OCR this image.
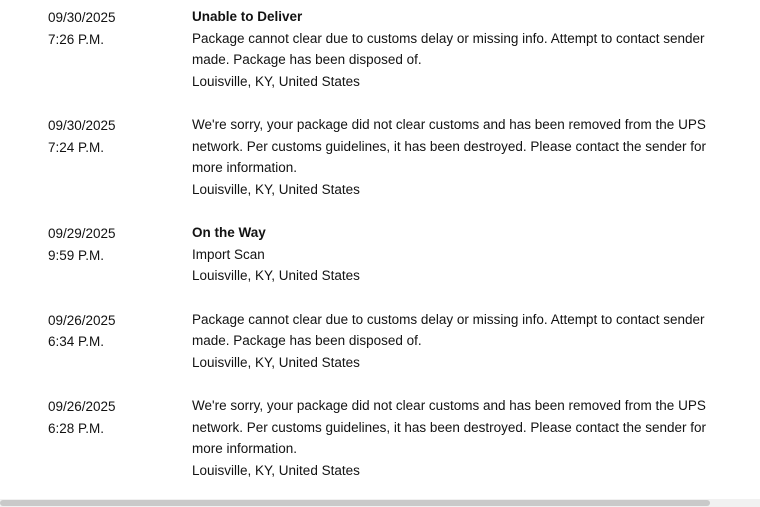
09/30/2025
7:26 P.M.
Unable to Deliver
Package cannot clear due to customs delay or missing info. Attempt to contact sender made. Package has been disposed of.
Louisville, KY, United States
09/30/2025
7:24 P.M.
We're sorry, your package did not clear customs and has been removed from the UPS network. Per customs guidelines, it has been destroyed. Please contact the sender for more information.
Louisville, KY, United States
09/29/2025
9:59 P.M.
On the Way
Import Scan
Louisville, KY, United States
09/26/2025
6:34 P.M.
Package cannot clear due to customs delay or missing info. Attempt to contact sender made. Package has been disposed of.
Louisville, KY, United States
09/26/2025
6:28 P.M.
We're sorry, your package did not clear customs and has been removed from the UPS network. Per customs guidelines, it has been destroyed. Please contact the sender for more information.
Louisville, KY, United States
